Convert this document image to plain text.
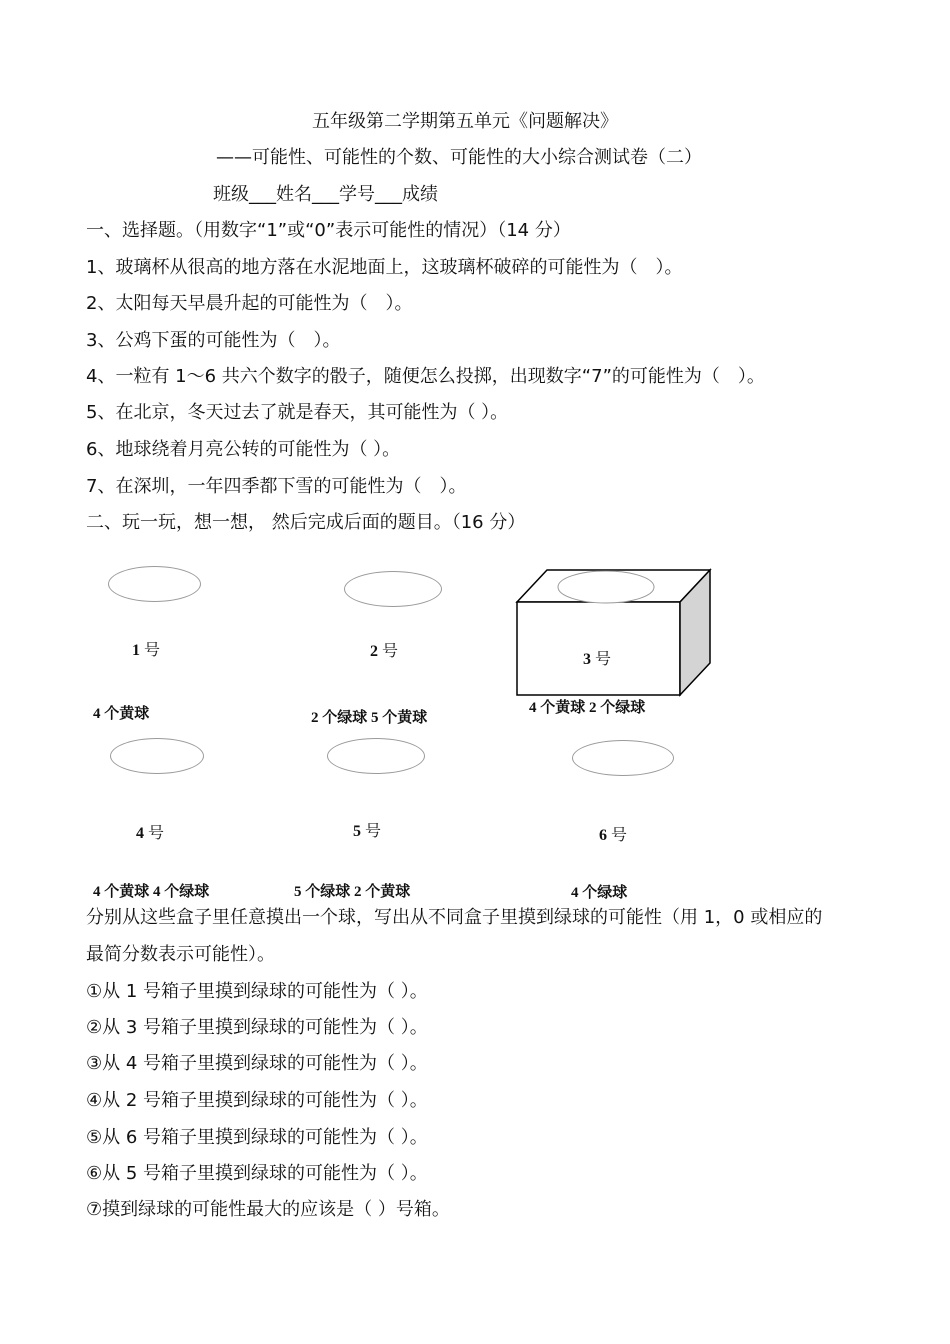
五年级第二学期第五单元《问题解决》
——可能性、可能性的个数、可能性的大小综合测试卷（二）
班级___姓名___学号___成绩
一、选择题。（用数字“1”或“0”表示可能性的情况）（14 分）
1、玻璃杯从很高的地方落在水泥地面上，这玻璃杯破碎的可能性为（　）。
2、太阳每天早晨升起的可能性为（　）。
3、公鸡下蛋的可能性为（　）。
4、一粒有 1～6 共六个数字的骰子，随便怎么投掷，出现数字“7”的可能性为（　）。
5、在北京，冬天过去了就是春天，其可能性为（ ）。
6、地球绕着月亮公转的可能性为（ ）。
7、在深圳，一年四季都下雪的可能性为（　）。
二、玩一玩，想一想， 然后完成后面的题目。（16 分）
1 号	2 号	3 号
4 号	5 号	6 号
4 个黄球	2 个绿球 5 个黄球
4 个黄球 2 个绿球
4 个黄球 4 个绿球	5 个绿球 2 个黄球	4 个绿球
分别从这些盒子里任意摸出一个球，写出从不同盒子里摸到绿球的可能性（用 1，0 或相应的
最简分数表示可能性）。
①从 1 号箱子里摸到绿球的可能性为（ ）。
②从 3 号箱子里摸到绿球的可能性为（ ）。
③从 4 号箱子里摸到绿球的可能性为（ ）。
④从 2 号箱子里摸到绿球的可能性为（ ）。
⑤从 6 号箱子里摸到绿球的可能性为（ ）。
⑥从 5 号箱子里摸到绿球的可能性为（ ）。
⑦摸到绿球的可能性最大的应该是（ ）号箱。
